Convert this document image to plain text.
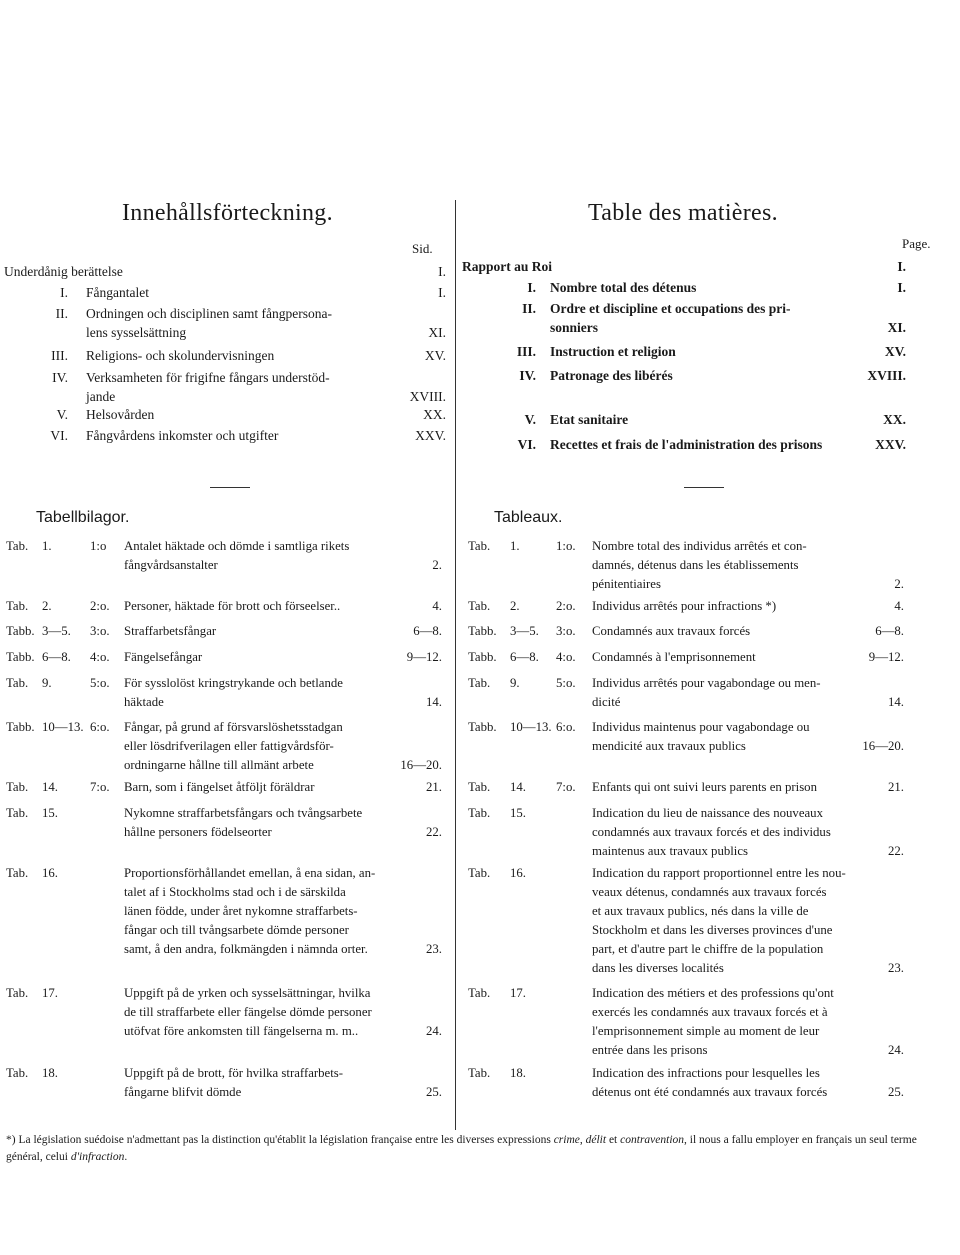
Innehållsförteckning.
Sid.
Underdånig berättelse	I.
I. Fångantalet	I.
II. Ordningen och disciplinen samt fångpersona-
lens sysselsättning	XI.
III. Religions- och skolundervisningen	XV.
IV. Verksamheten för frigifne fångars understöd-
jande	XVIII.
V. Helsovården	XX.
VI. Fångvårdens inkomster och utgifter	XXV.
Tabellbilagor.
Tab.	1.	1:o Antalet häktade och dömde i samtliga rikets
fångvårdsanstalter	2.
Tab.	2.	2:o. Personer, häktade för brott och förseelser..	4.
Tabb. 3—5. 3:o. Straffarbetsfångar	6—8.
Tabb. 6—8. 4:o. Fängelsefångar	9—12.
Tab.	9.	5:o. För sysslolöst kringstrykande och betlande
häktade	14.
Tabb. 10—13. 6:o. Fångar, på grund af försvarslöshetsstadgan
eller lösdrifverilagen eller fattigvårdsför-
ordningarne hållne till allmänt arbete	16—20.
Tab.	14.	7:o. Barn, som i fängelset åtföljt föräldrar	21.
Tab.	15.	Nykomne straffarbetsfångars och tvångsarbete
hållne personers födelseorter	22.
Tab.	16.	Proportionsförhållandet emellan, å ena sidan, an-
talet af i Stockholms stad och i de särskilda
länen födde, under året nykomne straffarbets-
fångar och till tvångsarbete dömde personer
samt, å den andra, folkmängden i nämnda orter.	23.
Tab.	17.	Uppgift på de yrken och sysselsättningar, hvilka
de till straffarbete eller fängelse dömde personer
utöfvat före ankomsten till fängelserna m. m..	24.
Tab.	18.	Uppgift på de brott, för hvilka straffarbets-
fångarne blifvit dömde	25.
Table des matières.
Page.
Rapport au Roi	I.
I. Nombre total des détenus	I.
II. Ordre et discipline et occupations des pri-
sonniers	XI.
III. Instruction et religion	XV.
IV. Patronage des libérés	XVIII.
V. Etat sanitaire	XX.
VI. Recettes et frais de l'administration des prisons	XXV.
Tableaux.
Tab.	1.	1:o. Nombre total des individus arrêtés et con-
damnés, détenus dans les établissements
pénitentiaires	2.
Tab.	2.	2:o. Individus arrêtés pour infractions *)	4.
Tabb.	3—5. 3:o. Condamnés aux travaux forcés	6—8.
Tabb.	6—8. 4:o. Condamnés à l'emprisonnement	9—12.
Tab.	9.	5:o. Individus arrêtés pour vagabondage ou men-
dicité	14.
Tabb.	10—13. 6:o. Individus maintenus pour vagabondage ou
mendicité aux travaux publics	16—20.
Tab.	14. 7:o. Enfants qui ont suivi leurs parents en prison	21.
Tab.	15.	Indication du lieu de naissance des nouveaux
condamnés aux travaux forcés et des individus
maintenus aux travaux publics	22.
Tab.	16.	Indication du rapport proportionnel entre les nou-
veaux détenus, condamnés aux travaux forcés
et aux travaux publics, nés dans la ville de
Stockholm et dans les diverses provinces d'une
part, et d'autre part le chiffre de la population
dans les diverses localités	23.
Tab.	17.	Indication des métiers et des professions qu'ont
exercés les condamnés aux travaux forcés et à
l'emprisonnement simple au moment de leur
entrée dans les prisons	24.
Tab.	18.	Indication des infractions pour lesquelles les
détenus ont été condamnés aux travaux forcés	25.
*) La législation suédoise n'admettant pas la distinction qu'établit la législation française entre les diverses expressions crime, délit et contravention, il nous a fallu employer en français un seul terme général, celui d'infraction.
